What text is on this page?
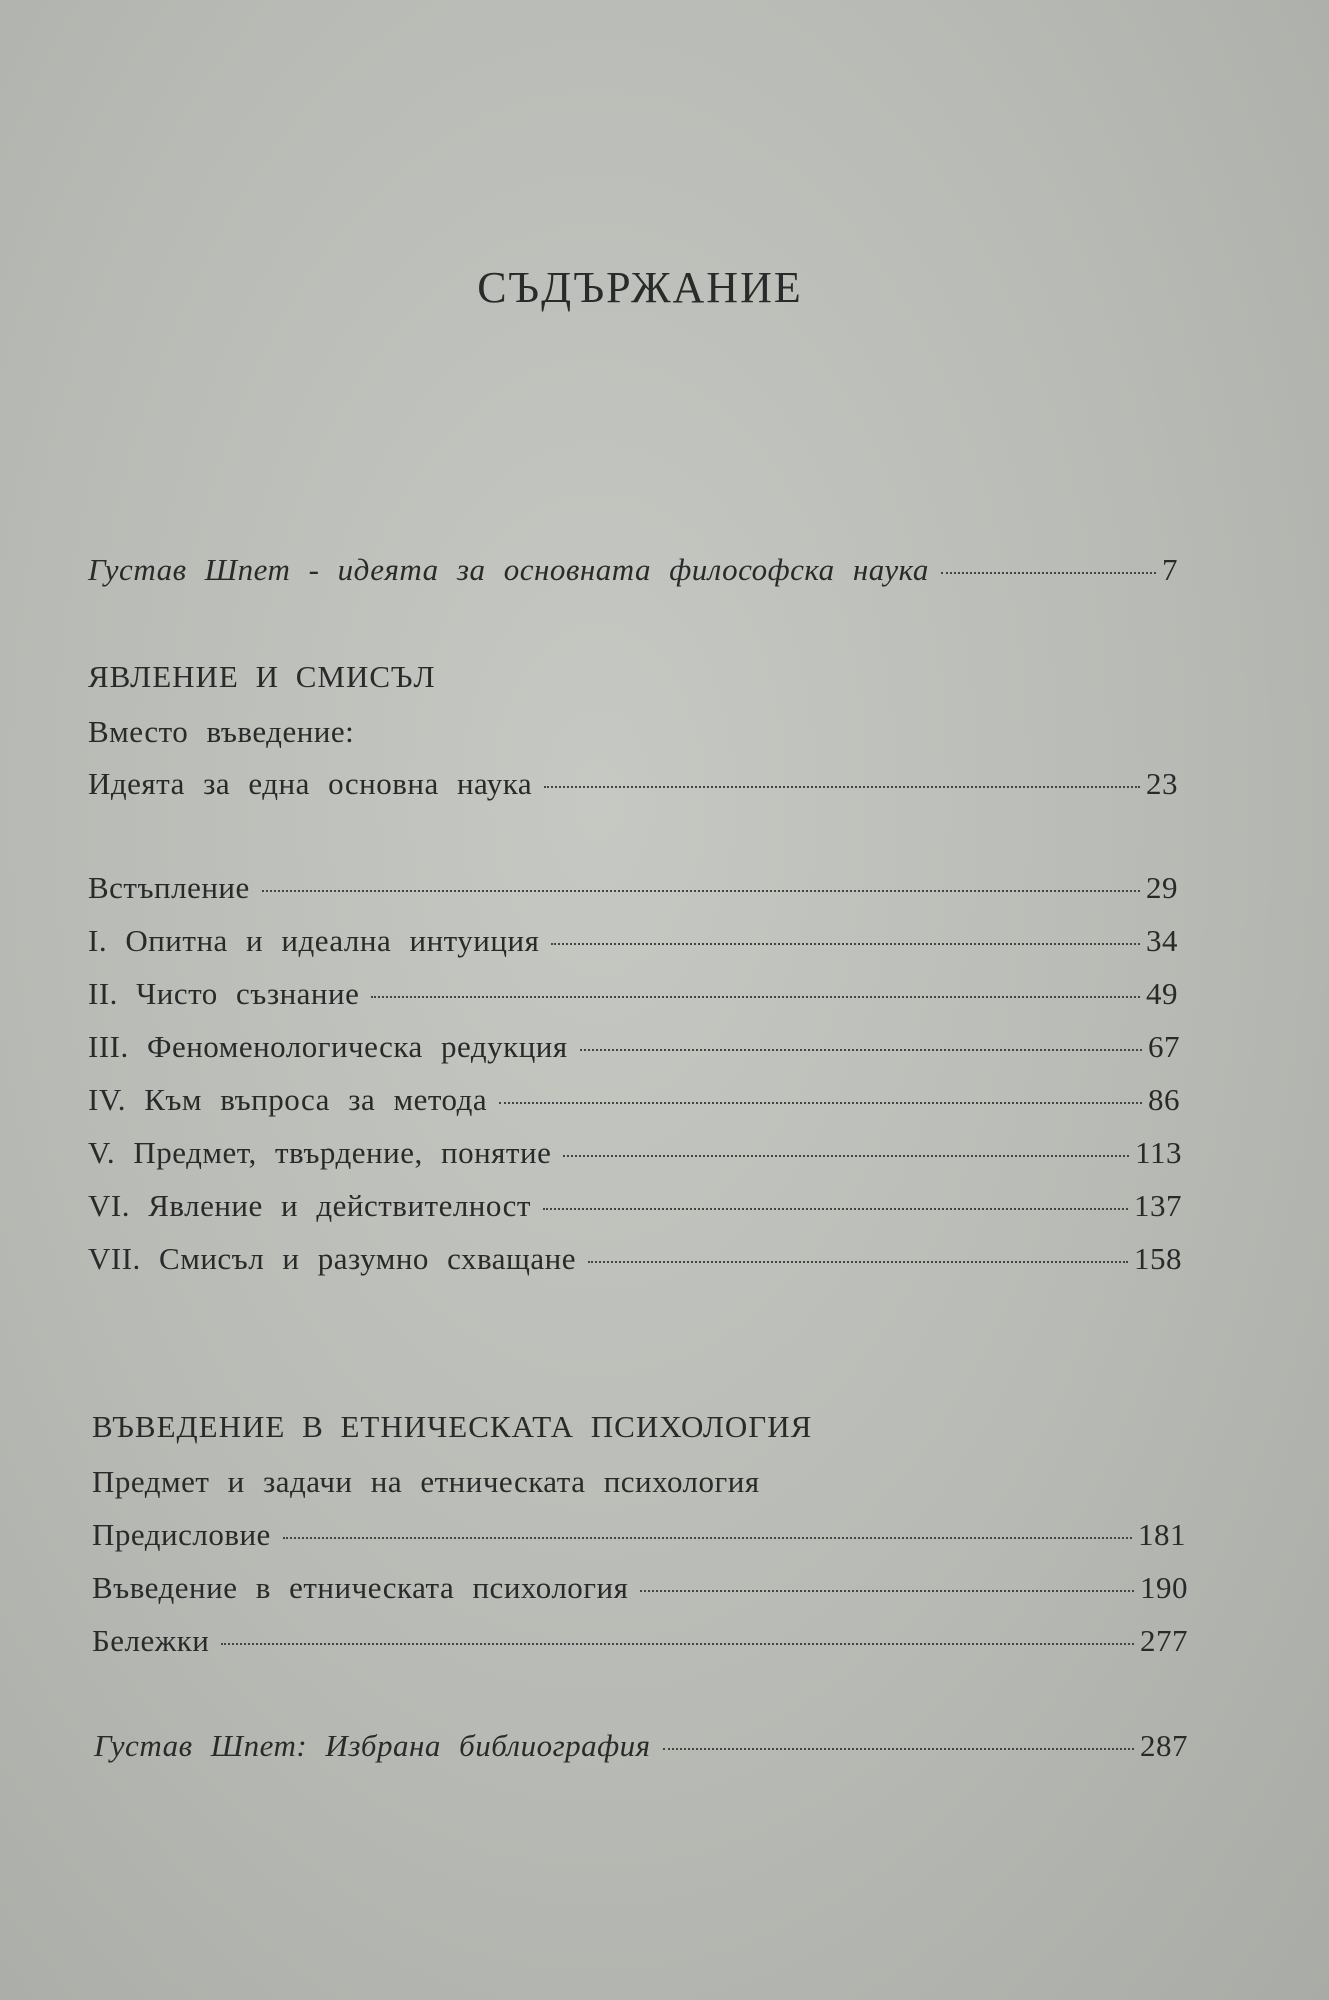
СЪДЪРЖАНИЕ
Густав Шпет - идеята за основната философска наука	7
ЯВЛЕНИЕ И СМИСЪЛ
Вместо въведение:
Идеята за една основна наука	23
Встъпление	29
I. Опитна и идеална интуиция	34
II. Чисто съзнание	49
III. Феноменологическа редукция	67
IV. Към въпроса за метода	86
V. Предмет, твърдение, понятие	113
VI. Явление и действителност	137
VII. Смисъл и разумно схващане	158
ВЪВЕДЕНИЕ В ЕТНИЧЕСКАТА ПСИХОЛОГИЯ
Предмет и задачи на етническата психология
Предисловие	181
Въведение в етническата психология	190
Бележки	277
Густав Шпет: Избрана библиография	287
